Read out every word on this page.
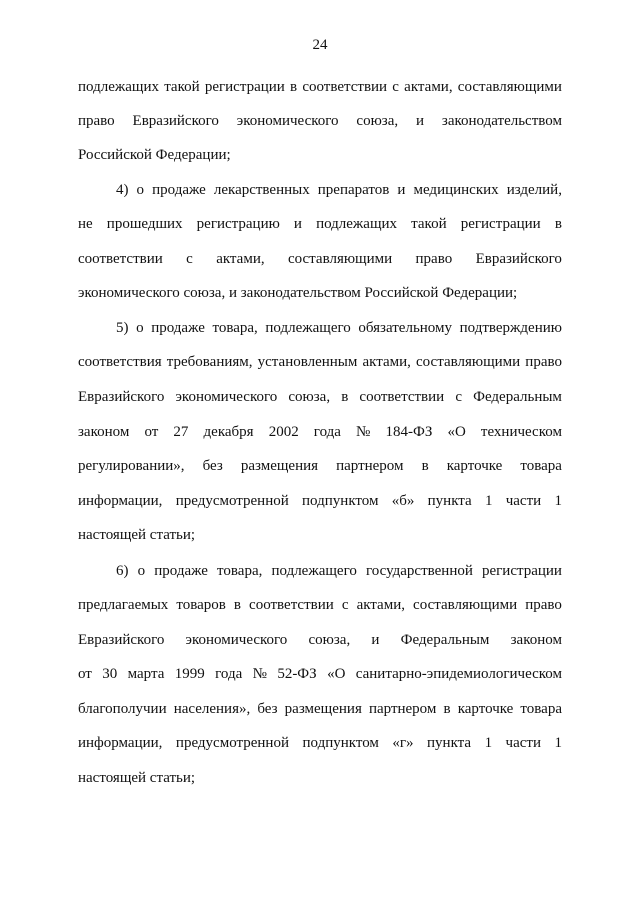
24
подлежащих такой регистрации в соответствии с актами, составляющими
право Евразийского экономического союза, и законодательством
Российской Федерации;
4) о продаже лекарственных препаратов и медицинских изделий,
не прошедших регистрацию и подлежащих такой регистрации в
соответствии с актами, составляющими право Евразийского
экономического союза, и законодательством Российской Федерации;
5) о продаже товара, подлежащего обязательному подтверждению
соответствия требованиям, установленным актами, составляющими право
Евразийского экономического союза, в соответствии с Федеральным
законом от 27 декабря 2002 года № 184-ФЗ «О техническом
регулировании», без размещения партнером в карточке товара
информации, предусмотренной подпунктом «б» пункта 1 части 1
настоящей статьи;
6) о продаже товара, подлежащего государственной регистрации
предлагаемых товаров в соответствии с актами, составляющими право
Евразийского экономического союза, и Федеральным законом
от 30 марта 1999 года № 52-ФЗ «О санитарно-эпидемиологическом
благополучии населения», без размещения партнером в карточке товара
информации, предусмотренной подпунктом «г» пункта 1 части 1
настоящей статьи;
